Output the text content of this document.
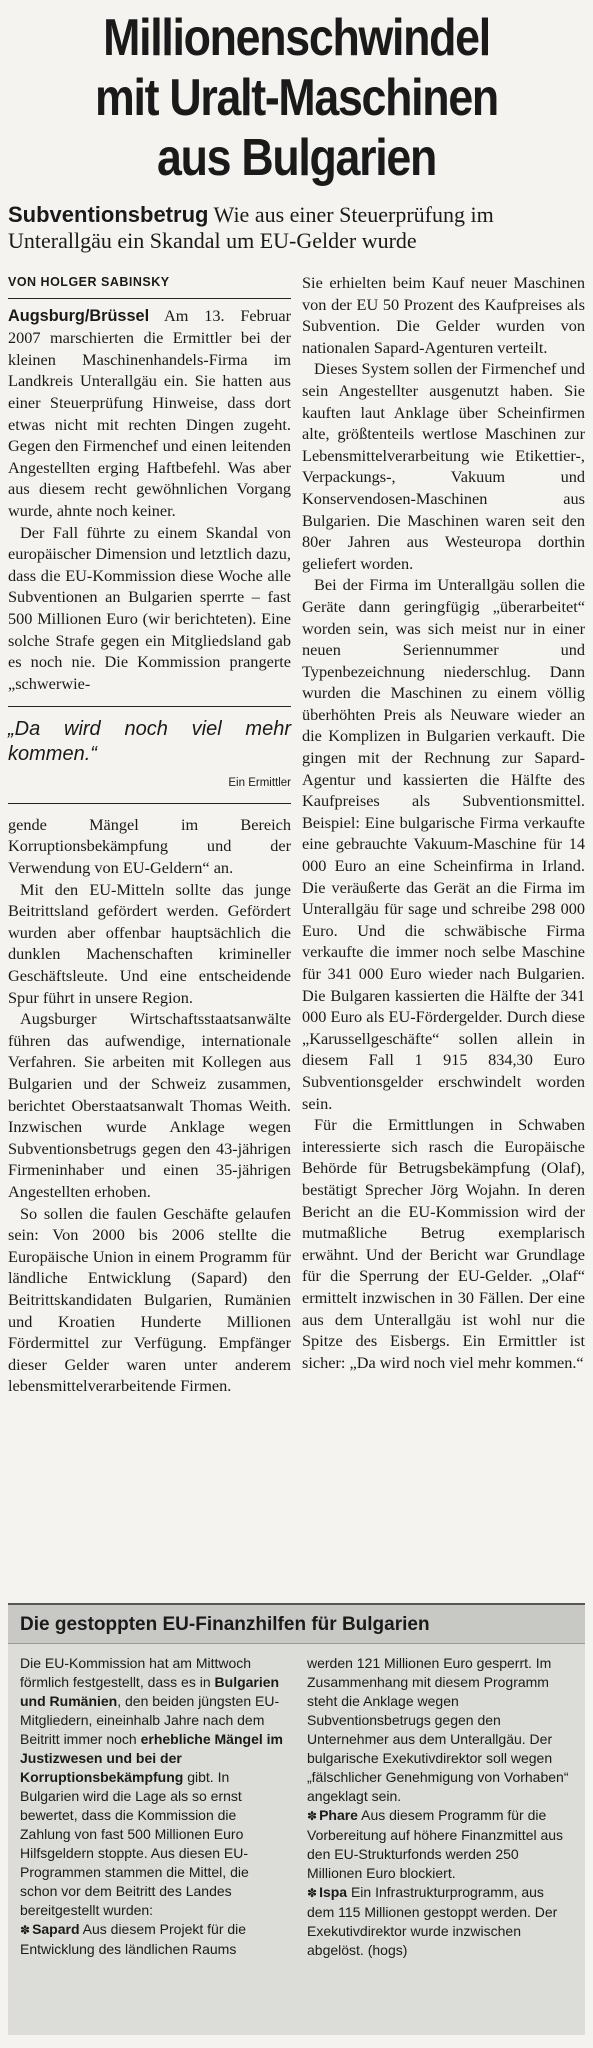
Millionenschwindel
mit Uralt-Maschinen
aus Bulgarien

Subventionsbetrug Wie aus einer Steuerprüfung im Unterallgäu ein Skandal um EU-Gelder wurde

VON HOLGER SABINSKY

Augsburg/Brüssel Am 13. Februar 2007 marschierten die Ermittler bei der kleinen Maschinenhandels-Firma im Landkreis Unterallgäu ein. Sie hatten aus einer Steuerprüfung Hinweise, dass dort etwas nicht mit rechten Dingen zugeht. Gegen den Firmenchef und einen leitenden Angestellten erging Haftbefehl. Was aber aus diesem recht gewöhnlichen Vorgang wurde, ahnte noch keiner.

Der Fall führte zu einem Skandal von europäischer Dimension und letztlich dazu, dass die EU-Kommission diese Woche alle Subventionen an Bulgarien sperrte – fast 500 Millionen Euro (wir berichteten). Eine solche Strafe gegen ein Mitgliedsland gab es noch nie. Die Kommission prangerte „schwerwie-

„Da wird noch viel mehr kommen.“
Ein Ermittler

gende Mängel im Bereich Korruptionsbekämpfung und der Verwendung von EU-Geldern“ an.

Mit den EU-Mitteln sollte das junge Beitrittsland gefördert werden. Gefördert wurden aber offenbar hauptsächlich die dunklen Machenschaften krimineller Geschäftsleute. Und eine entscheidende Spur führt in unsere Region.

Augsburger Wirtschaftsstaatsanwälte führen das aufwendige, internationale Verfahren. Sie arbeiten mit Kollegen aus Bulgarien und der Schweiz zusammen, berichtet Oberstaatsanwalt Thomas Weith. Inzwischen wurde Anklage wegen Subventionsbetrugs gegen den 43-jährigen Firmeninhaber und einen 35-jährigen Angestellten erhoben.

So sollen die faulen Geschäfte gelaufen sein: Von 2000 bis 2006 stellte die Europäische Union in einem Programm für ländliche Entwicklung (Sapard) den Beitrittskandidaten Bulgarien, Rumänien und Kroatien Hunderte Millionen Fördermittel zur Verfügung. Empfänger dieser Gelder waren unter anderem lebensmittelverarbeitende Firmen.

Sie erhielten beim Kauf neuer Maschinen von der EU 50 Prozent des Kaufpreises als Subvention. Die Gelder wurden von nationalen Sapard-Agenturen verteilt.

Dieses System sollen der Firmenchef und sein Angestellter ausgenutzt haben. Sie kauften laut Anklage über Scheinfirmen alte, größtenteils wertlose Maschinen zur Lebensmittelverarbeitung wie Etikettier-, Verpackungs-, Vakuum und Konservendosen-Maschinen aus Bulgarien. Die Maschinen waren seit den 80er Jahren aus Westeuropa dorthin geliefert worden.

Bei der Firma im Unterallgäu sollen die Geräte dann geringfügig „überarbeitet“ worden sein, was sich meist nur in einer neuen Seriennummer und Typenbezeichnung niederschlug. Dann wurden die Maschinen zu einem völlig überhöhten Preis als Neuware wieder an die Komplizen in Bulgarien verkauft. Die gingen mit der Rechnung zur Sapard-Agentur und kassierten die Hälfte des Kaufpreises als Subventionsmittel. Beispiel: Eine bulgarische Firma verkaufte eine gebrauchte Vakuum-Maschine für 14 000 Euro an eine Scheinfirma in Irland. Die veräußerte das Gerät an die Firma im Unterallgäu für sage und schreibe 298 000 Euro. Und die schwäbische Firma verkaufte die immer noch selbe Maschine für 341 000 Euro wieder nach Bulgarien. Die Bulgaren kassierten die Hälfte der 341 000 Euro als EU-Fördergelder. Durch diese „Karussellgeschäfte“ sollen allein in diesem Fall 1 915 834,30 Euro Subventionsgelder erschwindelt worden sein.

Für die Ermittlungen in Schwaben interessierte sich rasch die Europäische Behörde für Betrugsbekämpfung (Olaf), bestätigt Sprecher Jörg Wojahn. In deren Bericht an die EU-Kommission wird der mutmaßliche Betrug exemplarisch erwähnt. Und der Bericht war Grundlage für die Sperrung der EU-Gelder. „Olaf“ ermittelt inzwischen in 30 Fällen. Der eine aus dem Unterallgäu ist wohl nur die Spitze des Eisbergs. Ein Ermittler ist sicher: „Da wird noch viel mehr kommen.“

Die gestoppten EU-Finanzhilfen für Bulgarien

Die EU-Kommission hat am Mittwoch förmlich festgestellt, dass es in Bulgarien und Rumänien, den beiden jüngsten EU-Mitgliedern, eineinhalb Jahre nach dem Beitritt immer noch erhebliche Mängel im Justizwesen und bei der Korruptionsbekämpfung gibt. In Bulgarien wird die Lage als so ernst bewertet, dass die Kommission die Zahlung von fast 500 Millionen Euro Hilfsgeldern stoppte. Aus diesen EU-Programmen stammen die Mittel, die schon vor dem Beitritt des Landes bereitgestellt wurden:

✽ Sapard Aus diesem Projekt für die Entwicklung des ländlichen Raums

werden 121 Millionen Euro gesperrt. Im Zusammenhang mit diesem Programm steht die Anklage wegen Subventionsbetrugs gegen den Unternehmer aus dem Unterallgäu. Der bulgarische Exekutivdirektor soll wegen „fälschlicher Genehmigung von Vorhaben“ angeklagt sein.

✽ Phare Aus diesem Programm für die Vorbereitung auf höhere Finanzmittel aus den EU-Strukturfonds werden 250 Millionen Euro blockiert.

✽ Ispa Ein Infrastrukturprogramm, aus dem 115 Millionen gestoppt werden. Der Exekutivdirektor wurde inzwischen abgelöst. (hogs)
